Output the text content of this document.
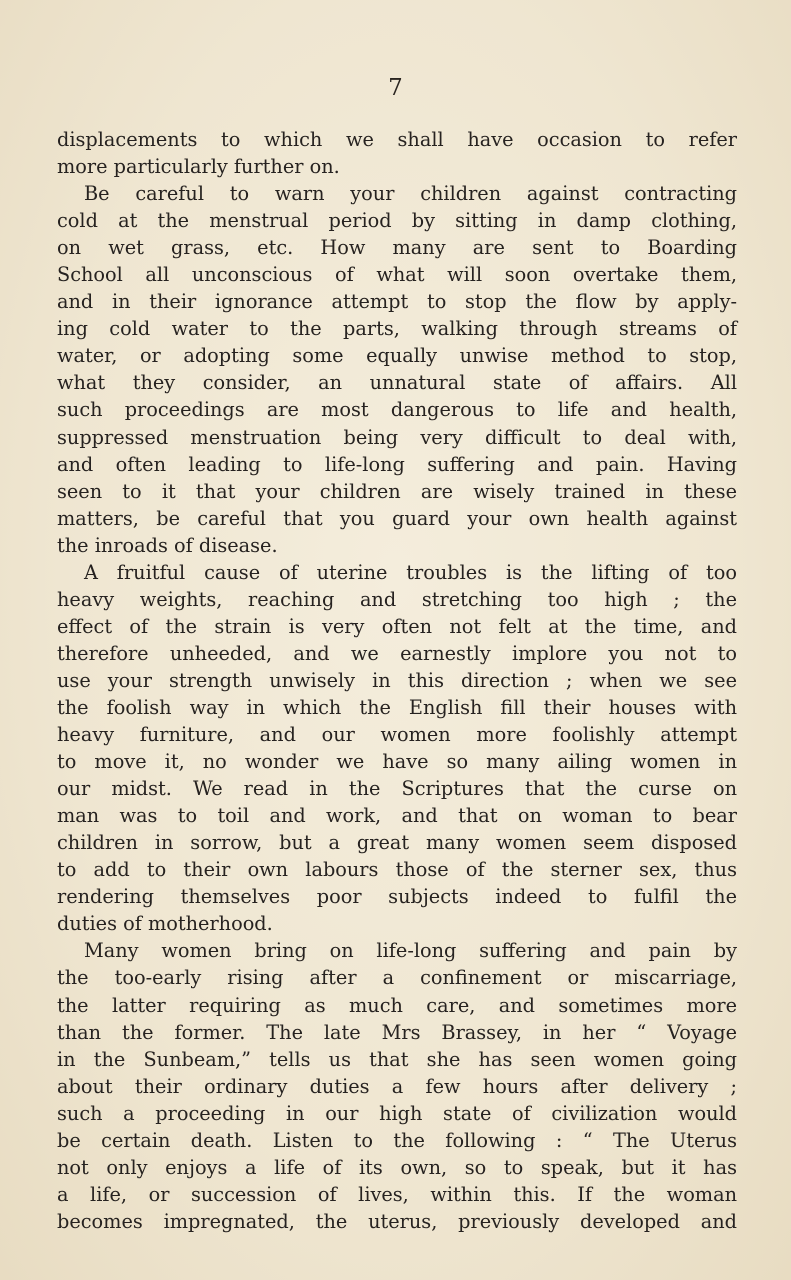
7
displacements to which we shall have occasion to refer
more particularly further on.
Be careful to warn your children against contracting
cold at the menstrual period by sitting in damp clothing,
on wet grass, etc. How many are sent to Boarding
School all unconscious of what will soon overtake them,
and in their ignorance attempt to stop the flow by apply-
ing cold water to the parts, walking through streams of
water, or adopting some equally unwise method to stop,
what they consider, an unnatural state of affairs. All
such proceedings are most dangerous to life and health,
suppressed menstruation being very difficult to deal with,
and often leading to life-long suffering and pain. Having
seen to it that your children are wisely trained in these
matters, be careful that you guard your own health against
the inroads of disease.
A fruitful cause of uterine troubles is the lifting of too
heavy weights, reaching and stretching too high ; the
effect of the strain is very often not felt at the time, and
therefore unheeded, and we earnestly implore you not to
use your strength unwisely in this direction ; when we see
the foolish way in which the English fill their houses with
heavy furniture, and our women more foolishly attempt
to move it, no wonder we have so many ailing women in
our midst. We read in the Scriptures that the curse on
man was to toil and work, and that on woman to bear
children in sorrow, but a great many women seem disposed
to add to their own labours those of the sterner sex, thus
rendering themselves poor subjects indeed to fulfil the
duties of motherhood.
Many women bring on life-long suffering and pain by
the too-early rising after a confinement or miscarriage,
the latter requiring as much care, and sometimes more
than the former. The late Mrs Brassey, in her “ Voyage
in the Sunbeam,” tells us that she has seen women going
about their ordinary duties a few hours after delivery ;
such a proceeding in our high state of civilization would
be certain death. Listen to the following : “ The Uterus
not only enjoys a life of its own, so to speak, but it has
a life, or succession of lives, within this. If the woman
becomes impregnated, the uterus, previously developed and
